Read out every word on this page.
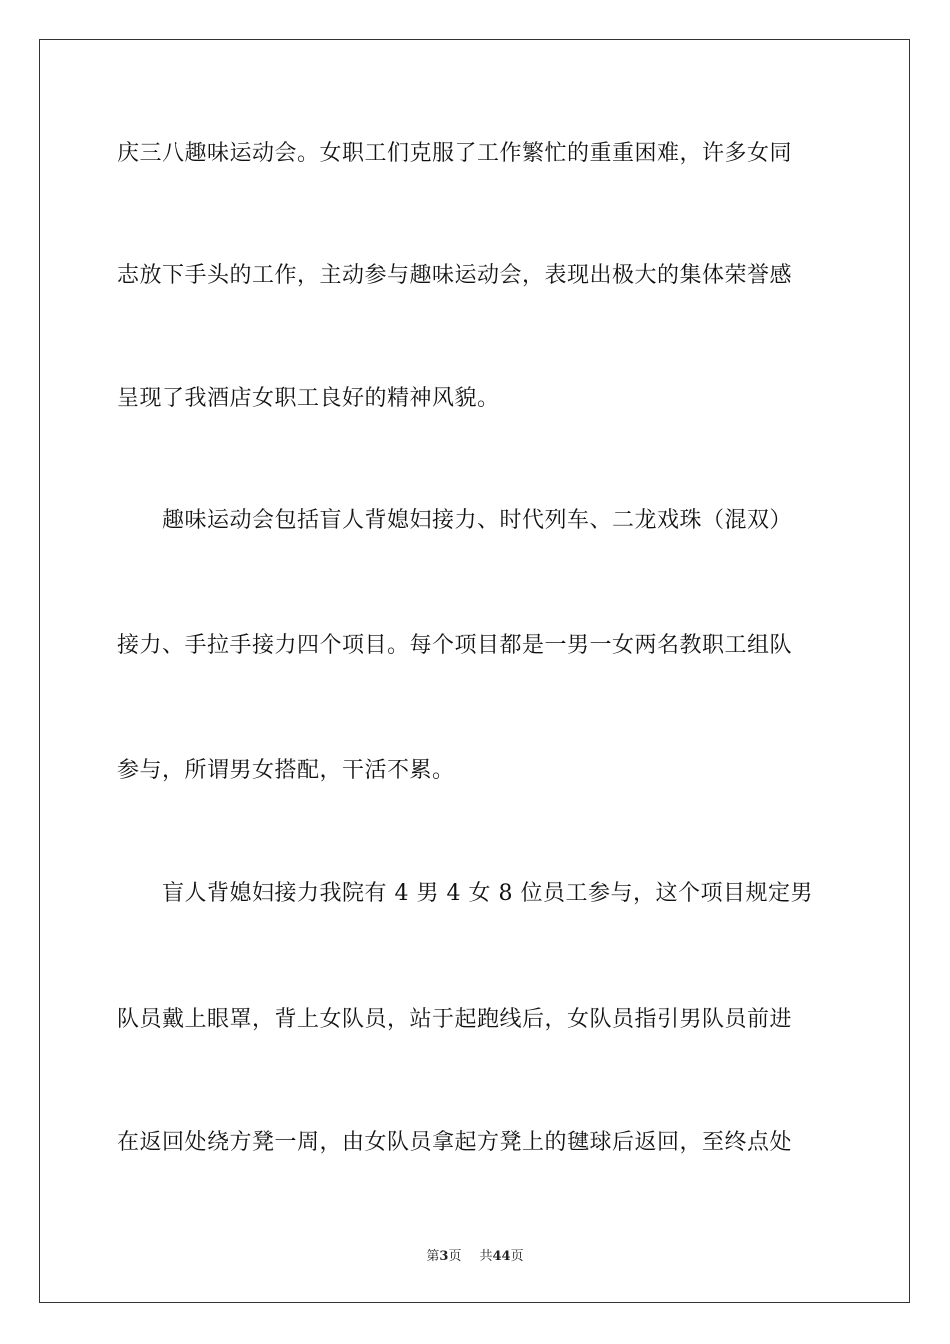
庆三八趣味运动会。女职工们克服了工作繁忙的重重困难，许多女同
志放下手头的工作，主动参与趣味运动会，表现出极大的集体荣誉感
呈现了我酒店女职工良好的精神风貌。
趣味运动会包括盲人背媳妇接力、时代列车、二龙戏珠（混双）
接力、手拉手接力四个项目。每个项目都是一男一女两名教职工组队
参与，所谓男女搭配，干活不累。
盲人背媳妇接力我院有 4 男 4 女 8 位员工参与，这个项目规定男
队员戴上眼罩，背上女队员，站于起跑线后，女队员指引男队员前进
在返回处绕方凳一周，由女队员拿起方凳上的毽球后返回，至终点处
第3页 共44页
